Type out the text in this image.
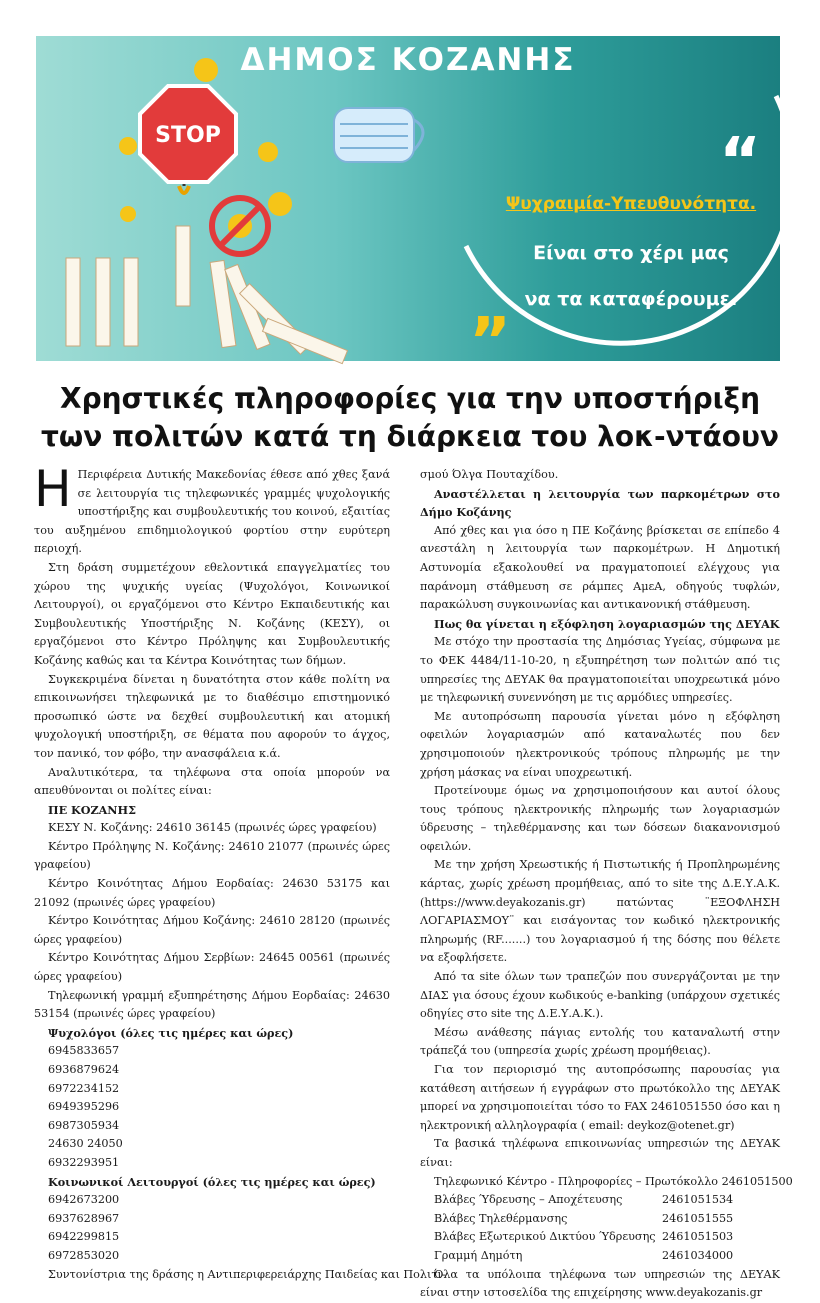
STOP
ΔΗΜΟΣ ΚΟΖΑΝΗΣ
“
Ψυχραιμία-Υπευθυνότητα.
Είναι στο χέρι μας
να τα καταφέρουμε.
”
Χρηστικές πληροφορίες για την υποστήριξη
των πολιτών κατά τη διάρκεια του λοκ-ντάουν

Η Περιφέρεια Δυτικής Μακεδονίας έθεσε από χθες ξανά σε λειτουργία τις τηλεφωνικές γραμμές ψυχολογικής υποστήριξης και συμβουλευτικής του κοινού, εξαιτίας του αυξημένου επιδημιολογικού φορτίου στην ευρύτερη περιοχή.

Στη δράση συμμετέχουν εθελοντικά επαγγελματίες του χώρου της ψυχικής υγείας (Ψυχολόγοι, Κοινωνικοί Λειτουργοί), οι εργαζόμενοι στο Κέντρο Εκπαιδευτικής και Συμβουλευτικής Υποστήριξης Ν. Κοζάνης (ΚΕΣΥ), οι εργαζόμενοι στο Κέντρο Πρόληψης και Συμβουλευτικής Κοζάνης καθώς και τα Κέντρα Κοινότητας των δήμων.

Συγκεκριμένα δίνεται η δυνατότητα στον κάθε πολίτη να επικοινωνήσει τηλεφωνικά με το διαθέσιμο επιστημονικό προσωπικό ώστε να δεχθεί συμβουλευτική και ατομική ψυχολογική υποστήριξη, σε θέματα που αφορούν το άγχος, τον πανικό, τον φόβο, την ανασφάλεια κ.ά.

Αναλυτικότερα, τα τηλέφωνα στα οποία μπορούν να απευθύνονται οι πολίτες είναι:

ΠΕ ΚΟΖΑΝΗΣ

ΚΕΣΥ Ν. Κοζάνης: 24610 36145 (πρωινές ώρες γραφείου)

Κέντρο Πρόληψης Ν. Κοζάνης: 24610 21077 (πρωινές ώρες γραφείου)

Κέντρο Κοινότητας Δήμου Εορδαίας: 24630 53175 και 21092 (πρωινές ώρες γραφείου)

Κέντρο Κοινότητας Δήμου Κοζάνης: 24610 28120 (πρωινές ώρες γραφείου)

Κέντρο Κοινότητας Δήμου Σερβίων: 24645 00561 (πρωινές ώρες γραφείου)

Τηλεφωνική γραμμή εξυπηρέτησης Δήμου Εορδαίας: 24630 53154 (πρωινές ώρες γραφείου)

Ψυχολόγοι (όλες τις ημέρες και ώρες)

6945833657

6936879624

6972234152

6949395296

6987305934

24630 24050

6932293951

Κοινωνικοί Λειτουργοί (όλες τις ημέρες και ώρες)

6942673200

6937628967

6942299815

6972853020

Συντονίστρια της δράσης η Αντιπεριφερειάρχης Παιδείας και Πολιτι-

σμού Όλγα Πουταχίδου.

Αναστέλλεται η λειτουργία των παρκομέτρων στο Δήμο Κοζάνης

Από χθες και για όσο η ΠΕ Κοζάνης βρίσκεται σε επίπεδο 4 ανεστάλη η λειτουργία των παρκομέτρων. Η Δημοτική Αστυνομία εξακολουθεί να πραγματοποιεί ελέγχους για παράνομη στάθμευση σε ράμπες ΑμεΑ, οδηγούς τυφλών, παρακώλυση συγκοινωνίας και αντικανονική στάθμευση.

Πως θα γίνεται η εξόφληση λογαριασμών της ΔΕΥΑΚ

Με στόχο την προστασία της Δημόσιας Υγείας, σύμφωνα με το ΦΕΚ 4484/11-10-20, η εξυπηρέτηση των πολιτών από τις υπηρεσίες της ΔΕΥΑΚ θα πραγματοποιείται υποχρεωτικά μόνο με τηλεφωνική συνεννόηση με τις αρμόδιες υπηρεσίες.

Με αυτοπρόσωπη παρουσία γίνεται μόνο η εξόφληση οφειλών λογαριασμών από καταναλωτές που δεν χρησιμοποιούν ηλεκτρονικούς τρόπους πληρωμής με την χρήση μάσκας να είναι υποχρεωτική.

Προτείνουμε όμως να χρησιμοποιήσουν και αυτοί όλους τους τρόπους ηλεκτρονικής πληρωμής των λογαριασμών ύδρευσης – τηλεθέρμανσης και των δόσεων διακανονισμού οφειλών.

Με την χρήση Χρεωστικής ή Πιστωτικής ή Προπληρωμένης κάρτας, χωρίς χρέωση προμήθειας, από το site της Δ.Ε.Υ.Α.Κ. (https://www.deyakozanis.gr) πατώντας ¨ΕΞΟΦΛΗΣΗ ΛΟΓΑΡΙΑΣΜΟΥ¨ και εισάγοντας τον κωδικό ηλεκτρονικής πληρωμής (RF.......) του λογαριασμού ή της δόσης που θέλετε να εξοφλήσετε.

Από τα site όλων των τραπεζών που συνεργάζονται με την ΔΙΑΣ για όσους έχουν κωδικούς e-banking (υπάρχουν σχετικές οδηγίες στο site της Δ.Ε.Υ.Α.Κ.).

Μέσω ανάθεσης πάγιας εντολής του καταναλωτή στην τράπεζά του (υπηρεσία χωρίς χρέωση προμήθειας).

Για τον περιορισμό της αυτοπρόσωπης παρουσίας για κατάθεση αιτήσεων ή εγγράφων στο πρωτόκολλο της ΔΕΥΑΚ μπορεί να χρησιμοποιείται τόσο το FAX 2461051550 όσο και η ηλεκτρονική αλληλογραφία ( email: deykoz@otenet.gr)

Τα βασικά τηλέφωνα επικοινωνίας υπηρεσιών της ΔΕΥΑΚ είναι:

Τηλεφωνικό Κέντρο - Πληροφορίες – Πρωτόκολλο 2461051500

Βλάβες Ύδρευσης – Αποχέτευσης	2461051534
Βλάβες Τηλεθέρμανσης	2461051555
Βλάβες Εξωτερικού Δικτύου Ύδρευσης 2461051503
Γραμμή Δημότη	2461034000

Όλα τα υπόλοιπα τηλέφωνα των υπηρεσιών της ΔΕΥΑΚ είναι στην ιστοσελίδα της επιχείρησης www.deyakozanis.gr
